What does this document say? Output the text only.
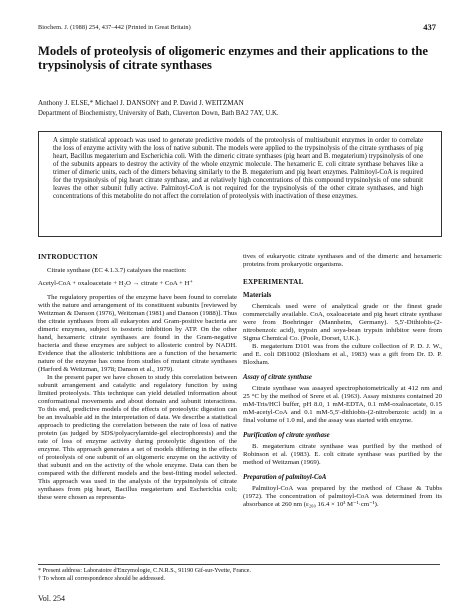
Biochem. J. (1988) 254, 437–442 (Printed in Great Britain)	437
Models of proteolysis of oligomeric enzymes and their applications to the trypsinolysis of citrate synthases
Anthony J. ELSE,* Michael J. DANSON† and P. David J. WEITZMAN
Department of Biochemistry, University of Bath, Claverton Down, Bath BA2 7AY, U.K.

A simple statistical approach was used to generate predictive models of the proteolysis of multisubunit enzymes in order to correlate the loss of enzyme activity with the loss of native subunit. The models were applied to the trypsinolysis of the citrate synthases of pig heart, Bacillus megaterium and Escherichia coli. With the dimeric citrate synthases (pig heart and B. megaterium) trypsinolysis of one of the subunits appears to destroy the activity of the whole enzymic molecule. The hexameric E. coli citrate synthase behaves like a trimer of dimeric units, each of the dimers behaving similarly to the B. megaterium and pig heart enzymes. Palmitoyl-CoA is required for the trypsinolysis of pig heart citrate synthase, and at relatively high concentrations of this compound trypsinolysis of one subunit leaves the other subunit fully active. Palmitoyl-CoA is not required for the trypsinolysis of the other citrate synthases, and high concentrations of this metabolite do not affect the correlation of proteolysis with inactivation of these enzymes.

INTRODUCTION

Citrate synthase (EC 4.1.3.7) catalyses the reaction:

Acetyl-CoA + oxaloacetate + H₂O → citrate + CoA + H⁺

The regulatory properties of the enzyme have been found to correlate with the nature and arrangement of its constituent subunits [reviewed by Weitzman & Danson (1976), Weitzman (1981) and Danson (1988)]. Thus the citrate synthases from all eukaryotes and Gram-positive bacteria are dimeric enzymes, subject to isosteric inhibition by ATP. On the other hand, hexameric citrate synthases are found in the Gram-negative bacteria and these enzymes are subject to allosteric control by NADH. Evidence that the allosteric inhibitions are a function of the hexameric nature of the enzyme has come from studies of mutant citrate synthases (Harford & Weitzman, 1978; Danson et al., 1979).

In the present paper we have chosen to study this correlation between subunit arrangement and catalytic and regulatory function by using limited proteolysis. This technique can yield detailed information about conformational movements and about domain and subunit interactions. To this end, predictive models of the effects of proteolytic digestion can be an invaluable aid in the interpretation of data. We describe a statistical approach to predicting the correlation between the rate of loss of native protein (as judged by SDS/polyacrylamide-gel electrophoresis) and the rate of loss of enzyme activity during proteolytic digestion of the enzyme. This approach generates a set of models differing in the effects of proteolysis of one subunit of an oligomeric enzyme on the activity of that subunit and on the activity of the whole enzyme. Data can then be compared with the different models and the best-fitting model selected. This approach was used in the analysis of the trypsinolysis of citrate synthases from pig heart, Bacillus megaterium and Escherichia coli; these were chosen as representa-

tives of eukaryotic citrate synthases and of the dimeric and hexameric proteins from prokaryotic organisms.

EXPERIMENTAL
Materials

Chemicals used were of analytical grade or the finest grade commercially available. CoA, oxaloacetate and pig heart citrate synthase were from Boehringer (Mannheim, Germany). 5,5′-Dithiobis-(2-nitrobenzoic acid), trypsin and soya-bean trypsin inhibitor were from Sigma Chemical Co. (Poole, Dorset, U.K.).

B. megaterium D101 was from the culture collection of P. D. J. W., and E. coli DB1002 (Bloxham et al., 1983) was a gift from Dr. D. P. Bloxham.

Assay of citrate synthase

Citrate synthase was assayed spectrophotometrically at 412 nm and 25 °C by the method of Srere et al. (1963). Assay mixtures contained 20 mM-Tris/HCl buffer, pH 8.0, 1 mM-EDTA, 0.1 mM-oxaloacetate, 0.15 mM-acetyl-CoA and 0.1 mM-5,5′-dithiobis-(2-nitrobenzoic acid) in a final volume of 1.0 ml, and the assay was started with enzyme.

Purification of citrate synthase

B. megaterium citrate synthase was purified by the method of Robinson et al. (1983). E. coli citrate synthase was purified by the method of Weitzman (1969).

Preparation of palmitoyl-CoA

Palmitoyl-CoA was prepared by the method of Chase & Tubbs (1972). The concentration of palmitoyl-CoA was determined from its absorbance at 260 nm (ε₂₆₀ 16.4 × 10³ M⁻¹·cm⁻¹).

* Present address: Laboratoire d'Enzymologie, C.N.R.S., 91190 Gif-sur-Yvette, France.
† To whom all correspondence should be addressed.
Vol. 254
